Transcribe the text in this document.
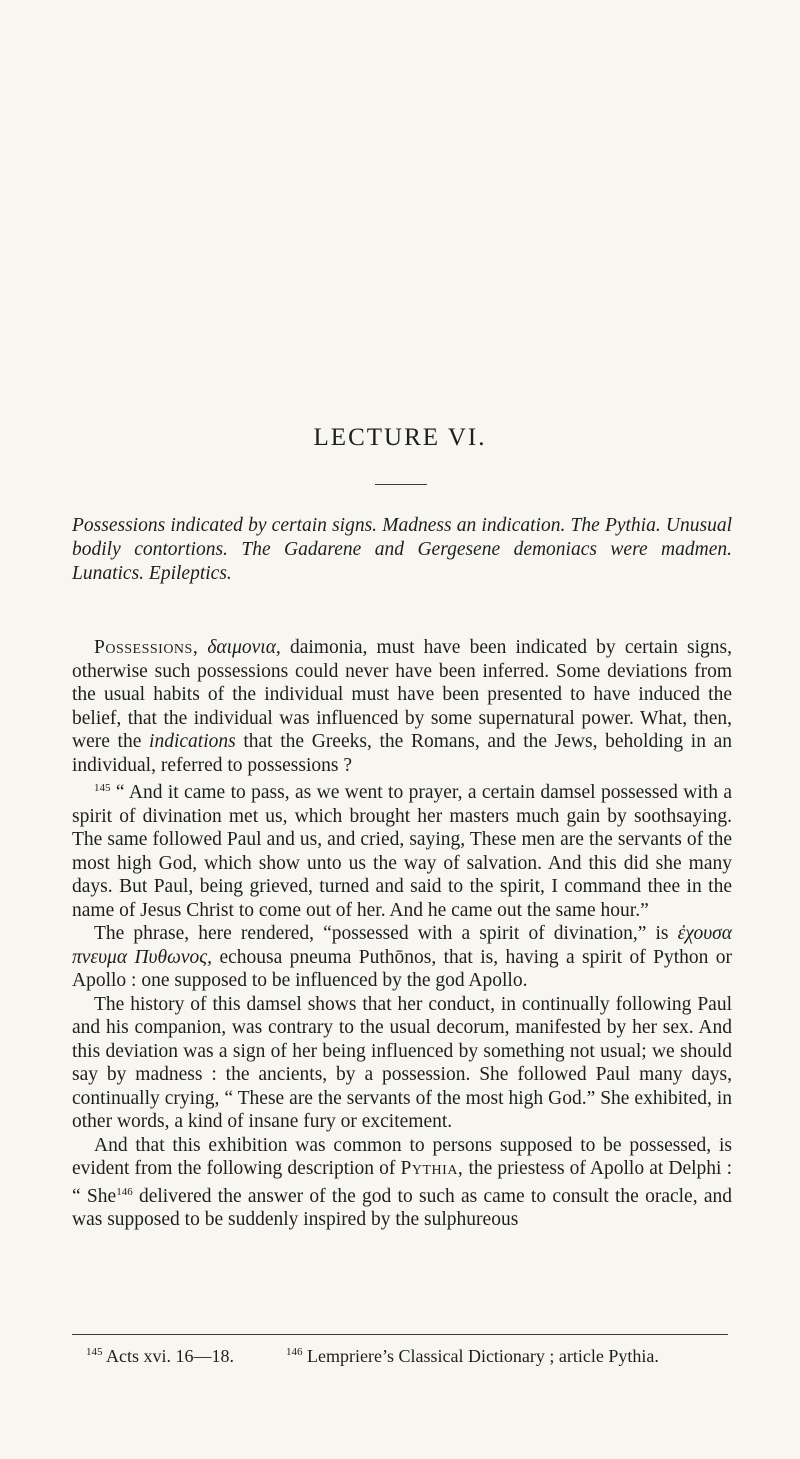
LECTURE VI.
Possessions indicated by certain signs. Madness an indication. The Pythia. Unusual bodily contortions. The Gadarene and Gergesene demoniacs were madmen. Lunatics. Epileptics.

Possessions, δαιμονια, daimonia, must have been indicated by certain signs, otherwise such possessions could never have been inferred. Some deviations from the usual habits of the individual must have been presented to have induced the belief, that the individual was influenced by some supernatural power. What, then, were the indications that the Greeks, the Romans, and the Jews, beholding in an individual, referred to possessions ?

$^{145}$ “ And it came to pass, as we went to prayer, a certain damsel possessed with a spirit of divination met us, which brought her masters much gain by soothsaying. The same followed Paul and us, and cried, saying, These men are the servants of the most high God, which show unto us the way of salvation. And this did she many days. But Paul, being grieved, turned and said to the spirit, I command thee in the name of Jesus Christ to come out of her. And he came out the same hour.”

The phrase, here rendered, “possessed with a spirit of divination,” is ἐχουσα πνευμα Πυθωνος, echousa pneuma Puthōnos, that is, having a spirit of Python or Apollo : one supposed to be influenced by the god Apollo.

The history of this damsel shows that her conduct, in continually following Paul and his companion, was contrary to the usual decorum, manifested by her sex. And this deviation was a sign of her being influenced by something not usual; we should say by madness : the ancients, by a possession. She followed Paul many days, continually crying, “ These are the servants of the most high God.” She exhibited, in other words, a kind of insane fury or excitement.

And that this exhibition was common to persons supposed to be possessed, is evident from the following description of Pythia, the priestess of Apollo at Delphi : “ She$^{146}$ delivered the answer of the god to such as came to consult the oracle, and was supposed to be suddenly inspired by the sulphureous

$^{145}$ Acts xvi. 16—18.	$^{146}$ Lempriere’s Classical Dictionary ; article Pythia.
